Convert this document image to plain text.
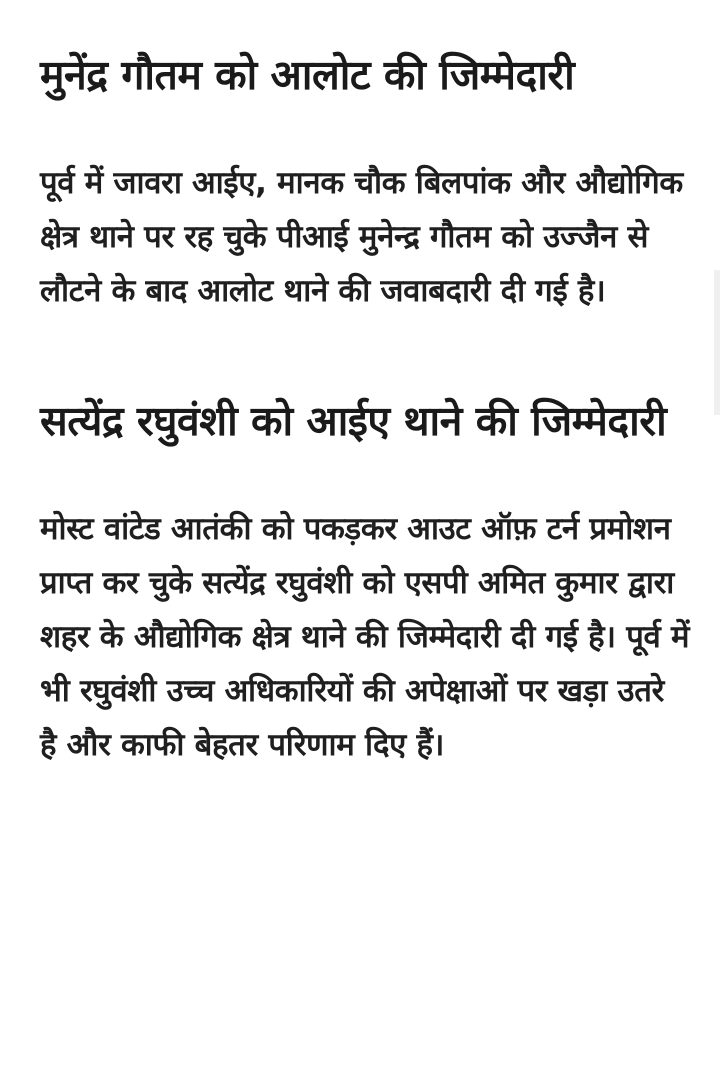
मुनेंद्र गौतम को आलोट की जिम्मेदारी

पूर्व में जावरा आईए, मानक चौक बिलपांक और औद्योगिक क्षेत्र थाने पर रह चुके पीआई मुनेन्द्र गौतम को उज्जैन से लौटने के बाद आलोट थाने की जवाबदारी दी गई है।

सत्येंद्र रघुवंशी को आईए थाने की जिम्मेदारी

मोस्ट वांटेड आतंकी को पकड़कर आउट ऑफ़ टर्न प्रमोशन प्राप्त कर चुके सत्येंद्र रघुवंशी को एसपी अमित कुमार द्वारा शहर के औद्योगिक क्षेत्र थाने की जिम्मेदारी दी गई है। पूर्व में भी रघुवंशी उच्च अधिकारियों की अपेक्षाओं पर खड़ा उतरे है और काफी बेहतर परिणाम दिए हैं।
